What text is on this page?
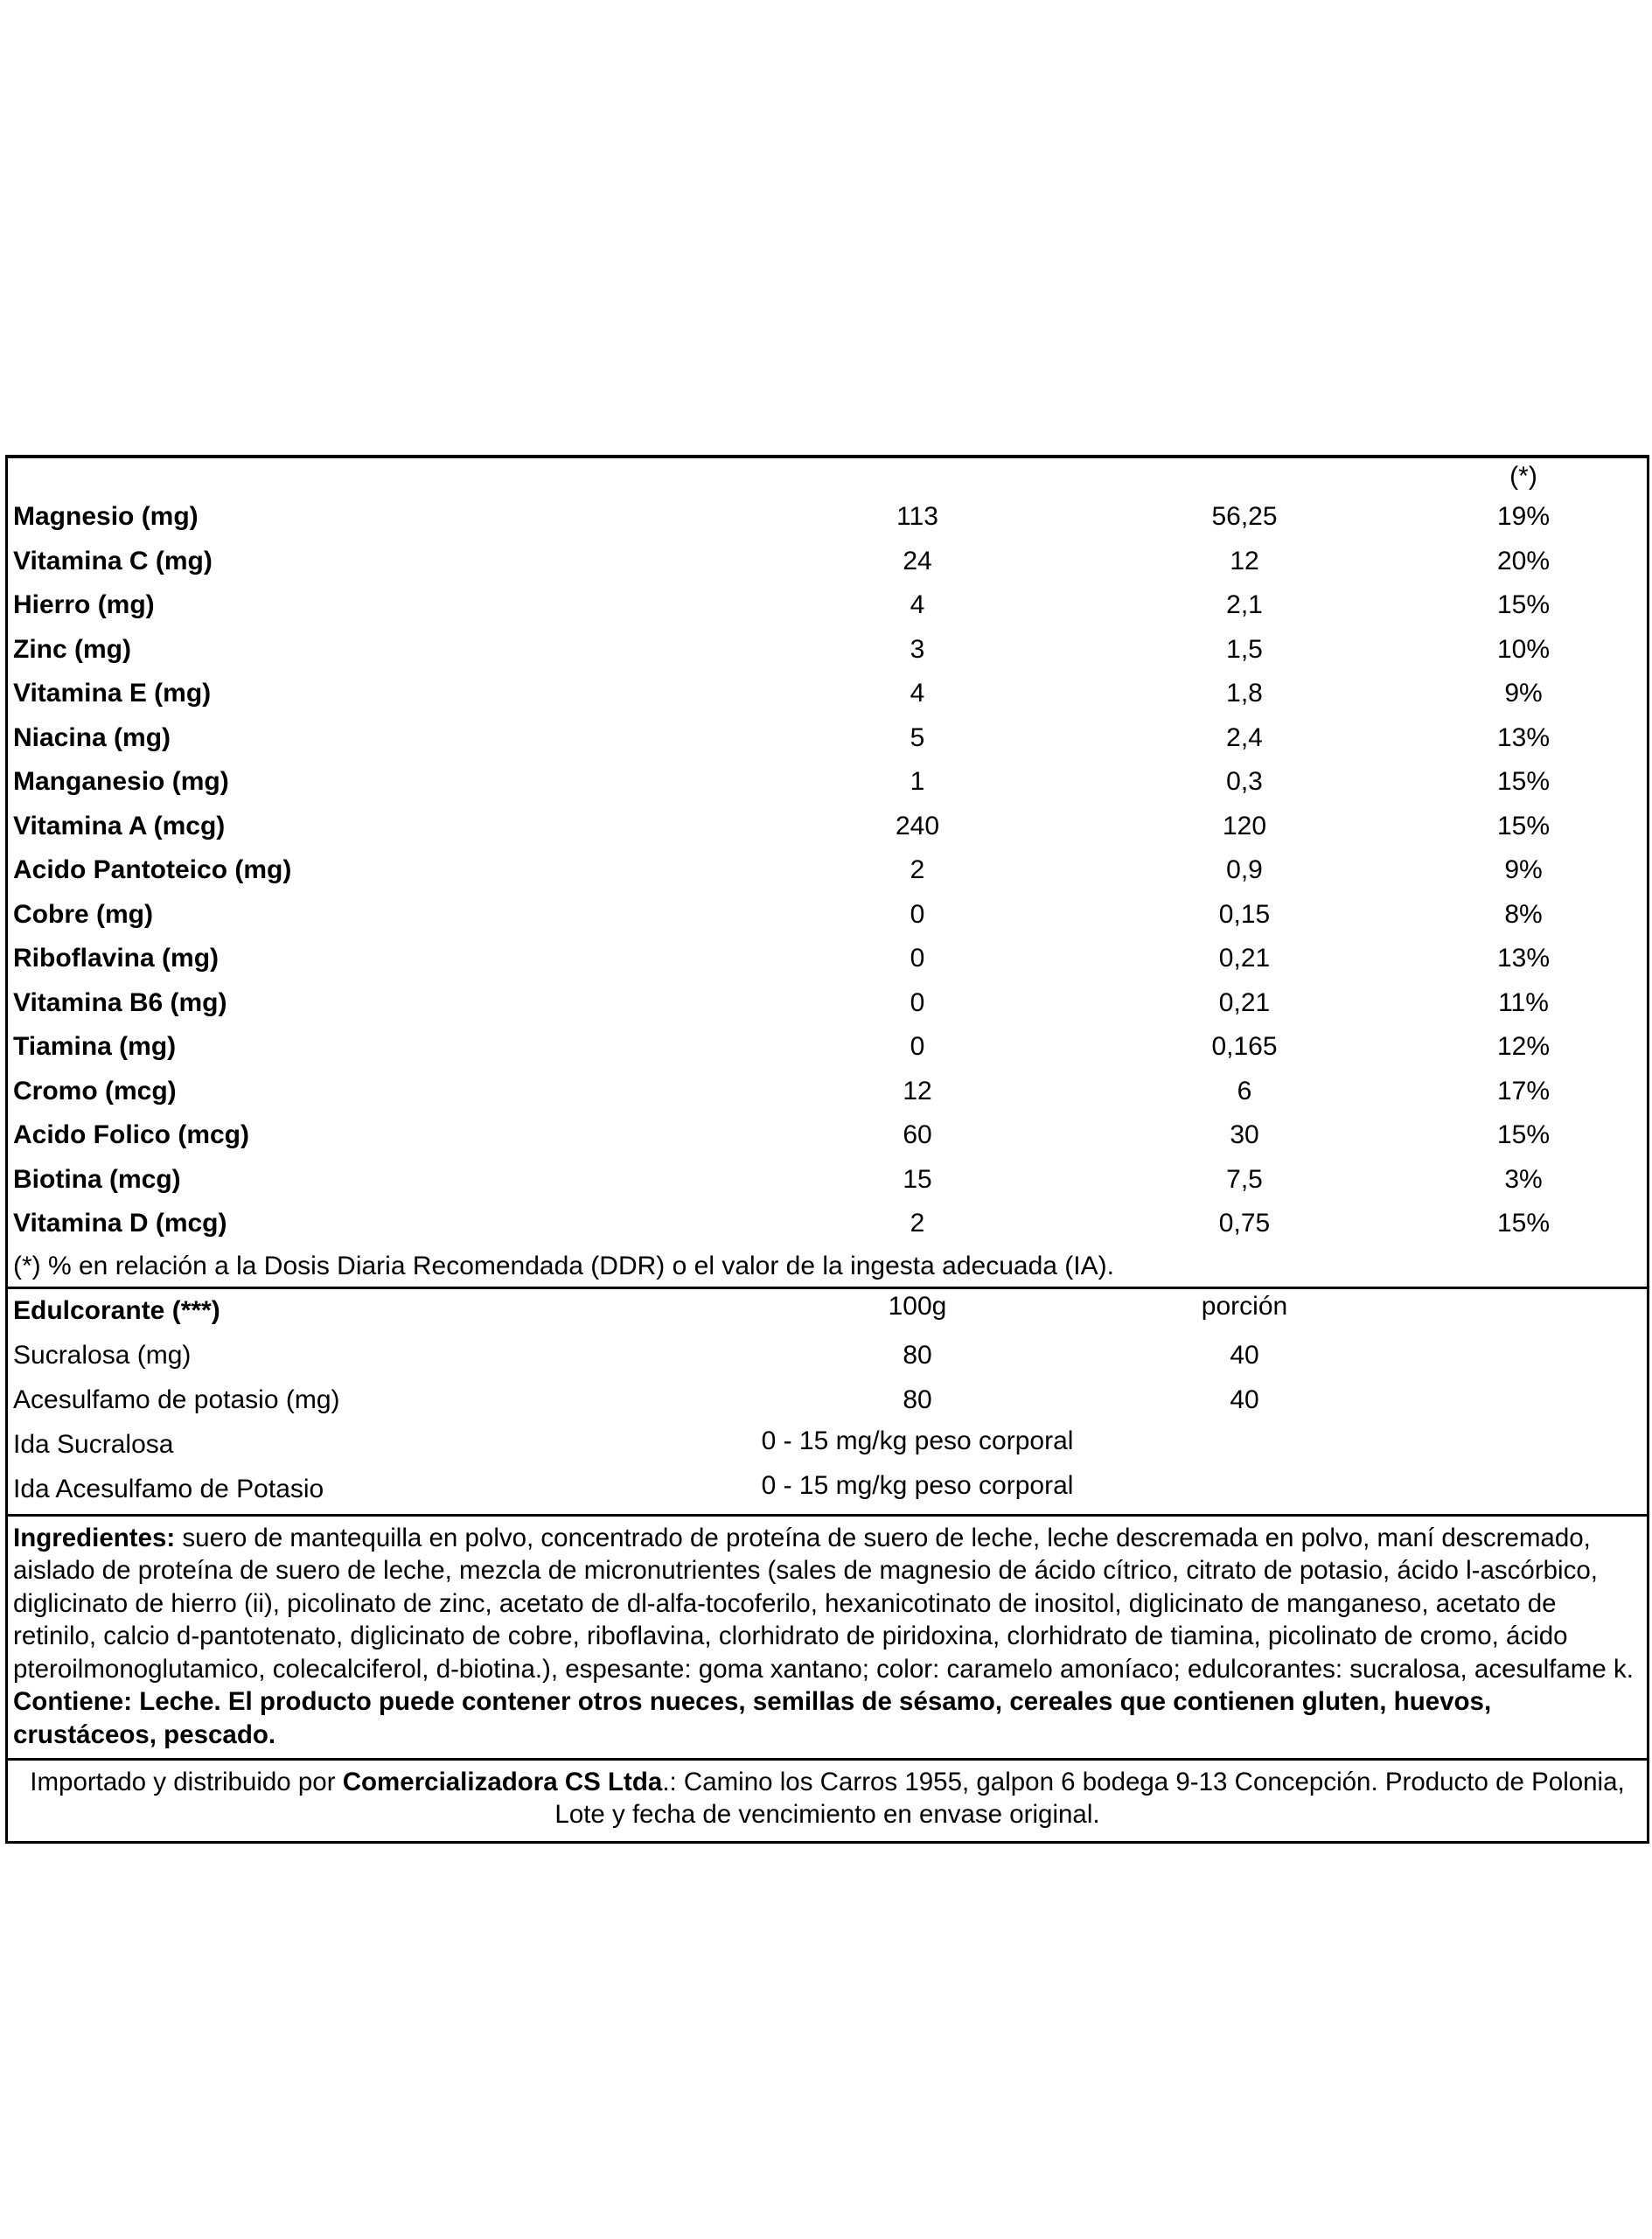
(*)
Magnesio (mg)	113	56,25	19%
Vitamina C (mg)	24	12	20%
Hierro (mg)	4	2,1	15%
Zinc (mg)	3	1,5	10%
Vitamina E (mg)	4	1,8	9%
Niacina (mg)	5	2,4	13%
Manganesio (mg)	1	0,3	15%
Vitamina A (mcg)	240	120	15%
Acido Pantoteico (mg)	2	0,9	9%
Cobre (mg)	0	0,15	8%
Riboflavina (mg)	0	0,21	13%
Vitamina B6 (mg)	0	0,21	11%
Tiamina (mg)	0	0,165	12%
Cromo (mcg)	12	6	17%
Acido Folico (mcg)	60	30	15%
Biotina (mcg)	15	7,5	3%
Vitamina D (mcg)	2	0,75	15%
(*) % en relación a la Dosis Diaria Recomendada (DDR) o el valor de la ingesta adecuada (IA).
Edulcorante (***)	100g	porción
Sucralosa (mg)	80	40
Acesulfamo de potasio (mg)	80	40
Ida Sucralosa	0 - 15 mg/kg peso corporal
Ida Acesulfamo de Potasio	0 - 15 mg/kg peso corporal
Ingredientes: suero de mantequilla en polvo, concentrado de proteína de suero de leche, leche descremada en polvo, maní descremado, aislado de proteína de suero de leche, mezcla de micronutrientes (sales de magnesio de ácido cítrico, citrato de potasio, ácido l-ascórbico, diglicinato de hierro (ii), picolinato de zinc, acetato de dl-alfa-tocoferilo, hexanicotinato de inositol, diglicinato de manganeso, acetato de retinilo, calcio d-pantotenato, diglicinato de cobre, riboflavina, clorhidrato de piridoxina, clorhidrato de tiamina, picolinato de cromo, ácido pteroilmonoglutamico, colecalciferol, d-biotina.), espesante: goma xantano; color: caramelo amoníaco; edulcorantes: sucralosa, acesulfame k. Contiene: Leche. El producto puede contener otros nueces, semillas de sésamo, cereales que contienen gluten, huevos, crustáceos, pescado.
Importado y distribuido por Comercializadora CS Ltda.: Camino los Carros 1955, galpon 6 bodega 9-13 Concepción. Producto de Polonia, Lote y fecha de vencimiento en envase original.
